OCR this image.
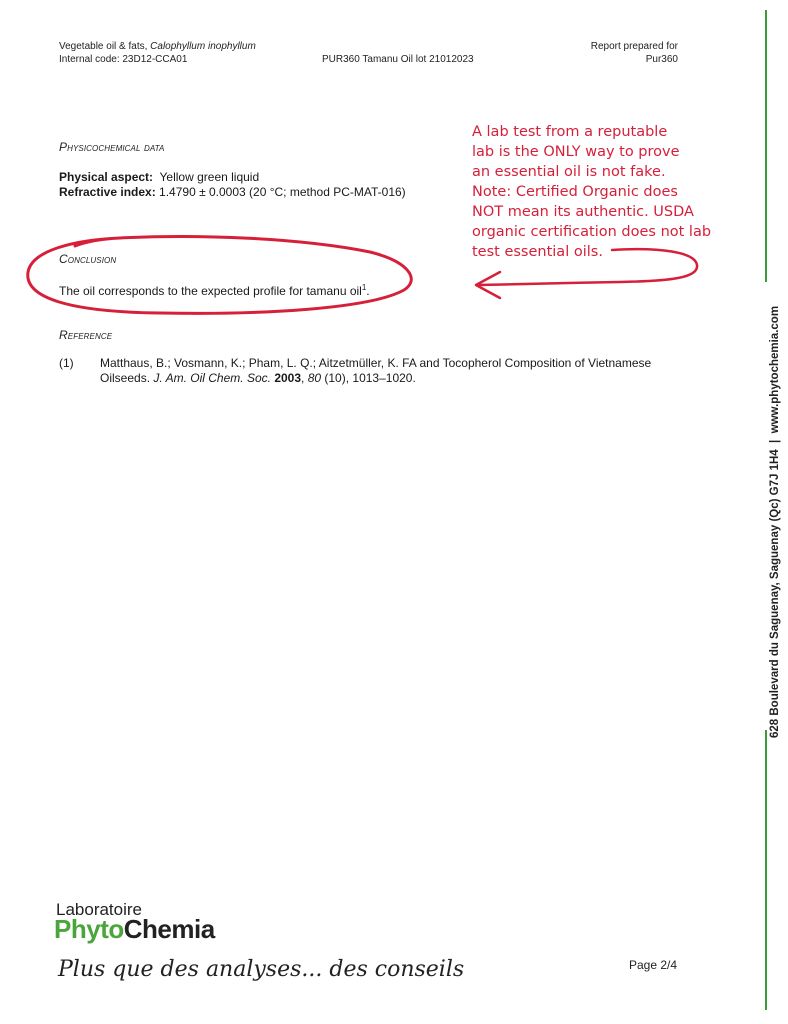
Vegetable oil & fats, Calophyllum inophyllum
Internal code: 23D12-CCA01	PUR360 Tamanu Oil lot 21012023
Report prepared for
Pur360
Physicochemical data
Physical aspect: Yellow green liquid
Refractive index: 1.4790 ± 0.0003 (20 °C; method PC-MAT-016)
Conclusion
The oil corresponds to the expected profile for tamanu oil$^1$.
Reference
(1) Matthaus, B.; Vosmann, K.; Pham, L. Q.; Aitzetmüller, K. FA and Tocopherol Composition of Vietnamese Oilseeds. J. Am. Oil Chem. Soc. 2003, 80 (10), 1013–1020.
A lab test from a reputable
lab is the ONLY way to prove
an essential oil is not fake.
Note: Certified Organic does
NOT mean its authentic. USDA
organic certification does not lab
test essential oils.
628 Boulevard du Saguenay, Saguenay (Qc) G7J 1H4  |  www.phytochemia.com
Laboratoire
PhytoChemia
Plus que des analyses... des conseils	Page 2/4
